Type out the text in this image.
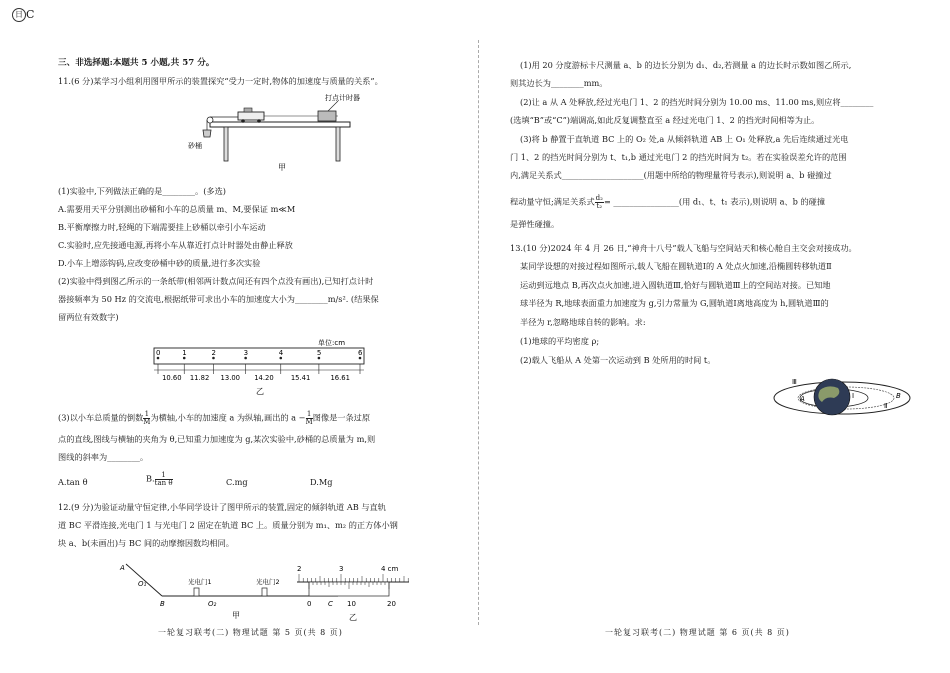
日 C
三、非选择题:本题共 5 小题,共 57 分。
11.(6 分)某学习小组利用图甲所示的装置探究“受力一定时,物体的加速度与质量的关系”。
打点计时器
砂桶
甲
(1)实验中,下列做法正确的是________。(多选)
A.需要用天平分别测出砂桶和小车的总质量 m、M,要保证 m≪M
B.平衡摩擦力时,轻绳的下端需要挂上砂桶以牵引小车运动
C.实验时,应先接通电源,再将小车从靠近打点计时器处由静止释放
D.小车上增添钩码,应改变砂桶中砂的质量,进行多次实验
(2)实验中得到图乙所示的一条纸带(相邻两计数点间还有四个点没有画出),已知打点计时
器接频率为 50 Hz 的交流电,根据纸带可求出小车的加速度大小为________m/s². (结果保
留两位有效数字)
单位:cm
0	1	2	3	4	5	6
10.60 11.82 13.00 14.20	15.41	16.61
乙
(3)以小车总质量的倒数 $\frac{1}{M}$ 为横轴,小车的加速度 a 为纵轴,画出的 $a - \frac{1}{M}$ 图像是一条过原
点的直线,图线与横轴的夹角为 θ,已知重力加速度为 g,某次实验中,砂桶的总质量为 m,则
图线的斜率为________。
A.tan θ	B. $\frac{1}{\text{tan θ}}$	C.mg	D.Mg
12.(9 分)为验证动量守恒定律,小华同学设计了图甲所示的装置,固定的倾斜轨道 AB 与直轨
道 BC 平滑连接,光电门 1 与光电门 2 固定在轨道 BC 上。质量分别为 m₁、m₂ 的正方体小钢
块 a、b(未画出)与 BC 间的动摩擦因数均相同。
A
O₁
B	O₂	C
光电门1	光电门2
甲
2	3	4 cm
0	10	20
乙
一轮复习联考(二) 物理试题 第 5 页(共 8 页)
(1)用 20 分度游标卡尺测量 a、b 的边长分别为 d₁、d₂,若测量 a 的边长时示数如图乙所示,
则其边长为________mm。
(2)让 a 从 A 处释放,经过光电门 1、2 的挡光时间分别为 10.00 ms、11.00 ms,则应将________
(选填“B”或“C”)端调高,如此反复调整直至 a 经过光电门 1、2 的挡光时间相等为止。
(3)将 b 静置于直轨道 BC 上的 O₂ 处,a 从倾斜轨道 AB 上 O₁ 处释放,a 先后连续通过光电
门 1、2 的挡光时间分别为 t、t₁,b 通过光电门 2 的挡光时间为 t₂。若在实验误差允许的范围
内,满足关系式____________________(用题中所给的物理量符号表示),则说明 a、b 碰撞过
程动量守恒;满足关系式 $\frac{\text{d₂}}{\text{t₂}}$ = ________________(用 d₁、t、t₁ 表示),则说明 a、b 的碰撞
是弹性碰撞。
13.(10 分)2024 年 4 月 26 日,“神舟十八号”载人飞船与空间站天和核心舱自主交会对接成功。
某同学设想的对接过程如图所示,载人飞船在圆轨道Ⅰ的 A 处点火加速,沿椭圆转移轨道Ⅱ
运动到远地点 B,再次点火加速,进入圆轨道Ⅲ,恰好与圆轨道Ⅲ上的空间站对接。已知地
球半径为 R,地球表面重力加速度为 g,引力常量为 G,圆轨道Ⅰ离地高度为 h,圆轨道Ⅲ的
半径为 r,忽略地球自转的影响。求:
(1)地球的平均密度 ρ;
(2)载人飞船从 A 处第一次运动到 B 处所用的时间 t。
Ⅲ
Ⅰ
Ⅱ
A	B
一轮复习联考(二) 物理试题 第 6 页(共 8 页)
